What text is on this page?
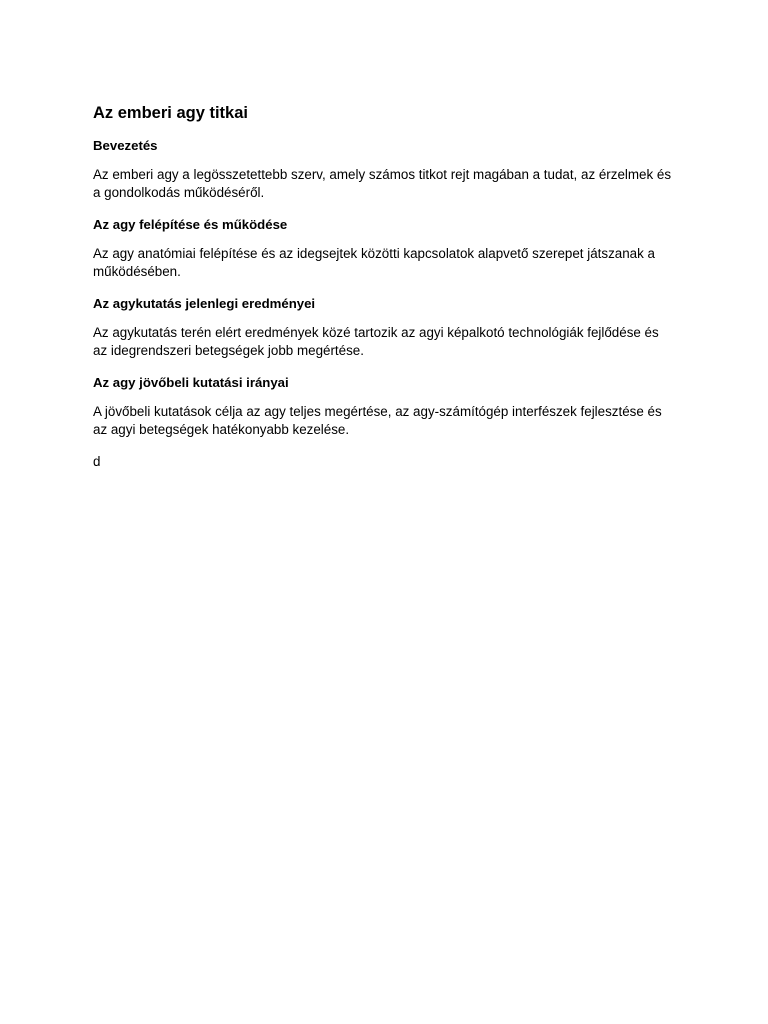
Az emberi agy titkai
Bevezetés

Az emberi agy a legösszetettebb szerv, amely számos titkot rejt magában a tudat, az érzelmek és a gondolkodás működéséről.

Az agy felépítése és működése

Az agy anatómiai felépítése és az idegsejtek közötti kapcsolatok alapvető szerepet játszanak a működésében.

Az agykutatás jelenlegi eredményei

Az agykutatás terén elért eredmények közé tartozik az agyi képalkotó technológiák fejlődése és az idegrendszeri betegségek jobb megértése.

Az agy jövőbeli kutatási irányai

A jövőbeli kutatások célja az agy teljes megértése, az agy-számítógép interfészek fejlesztése és az agyi betegségek hatékonyabb kezelése.

d
